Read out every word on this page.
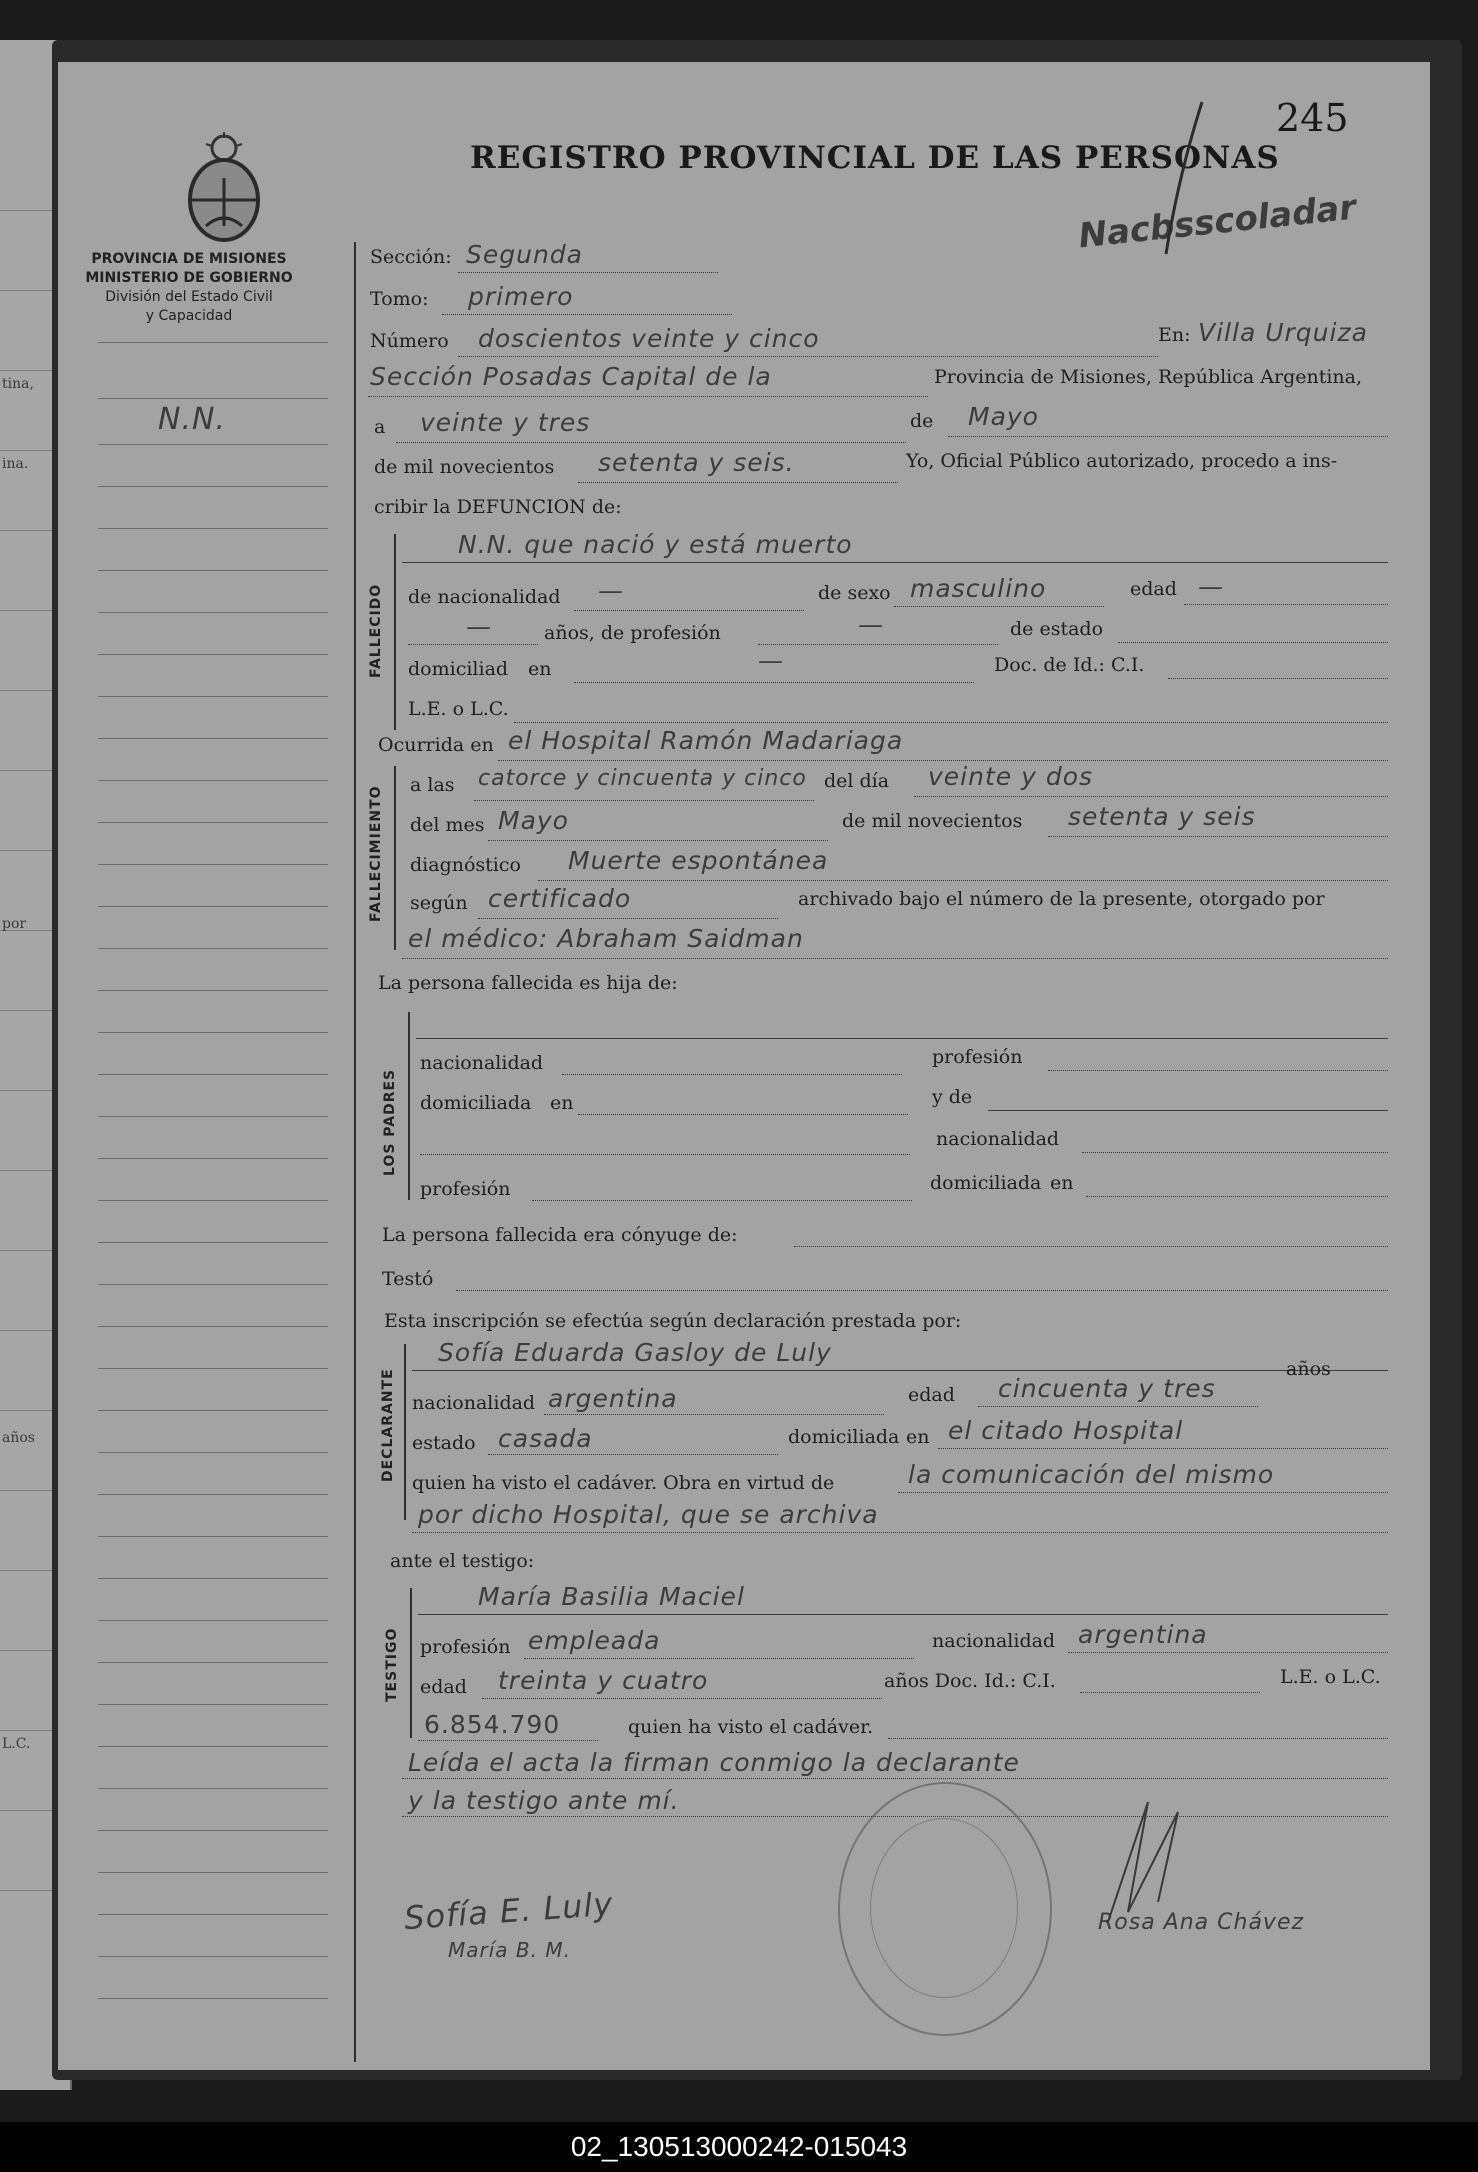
tina,
ina.
por
años
L.C.
245
REGISTRO PROVINCIAL DE LAS PERSONAS
Nacbsscoladar
PROVINCIA DE MISIONES
MINISTERIO DE GOBIERNO
División del Estado Civil
y Capacidad
N.N.
Sección: Segunda
Tomo: primero
Número doscientos veinte y cinco	En: Villa Urquiza
Sección Posadas Capital de la	Provincia de Misiones, República Argentina,
a veinte y tres	de Mayo
de mil novecientos setenta y seis.	Yo, Oficial Público autorizado, procedo a ins-
cribir la DEFUNCION de:
FALLECIDO
N.N. que nació y está muerto
de nacionalidad —	de sexo masculino	edad —
—	años, de profesión	—	de estado
domiciliad en	—	Doc. de Id.: C.I.
L.E. o L.C.
Ocurrida en el Hospital Ramón Madariaga
FALLECIMIENTO
a las catorce y cincuenta y cinco del día veinte y dos
del mes Mayo	de mil novecientos setenta y seis
diagnóstico Muerte espontánea
según certificado	archivado bajo el número de la presente, otorgado por
el médico: Abraham Saidman
La persona fallecida es hija de:
LOS PADRES
nacionalidad	profesión
domiciliada en	y de
nacionalidad
profesión	domiciliada en
La persona fallecida era cónyuge de:
Testó
Esta inscripción se efectúa según declaración prestada por:
DECLARANTE
Sofía Eduarda Gasloy de Luly
años
nacionalidad argentina	edad cincuenta y tres
estado casada	domiciliada en el citado Hospital
quien ha visto el cadáver. Obra en virtud de	la comunicación del mismo
por dicho Hospital, que se archiva
ante el testigo:
TESTIGO
María Basilia Maciel
profesión empleada	nacionalidad argentina
edad treinta y cuatro	años Doc. Id.: C.I.	L.E. o L.C.
6.854.790	quien ha visto el cadáver.
Leída el acta la firman conmigo la declarante
y la testigo ante mí.
Sofía E. Luly
María B. M.
Rosa Ana Chávez
02_130513000242-015043
